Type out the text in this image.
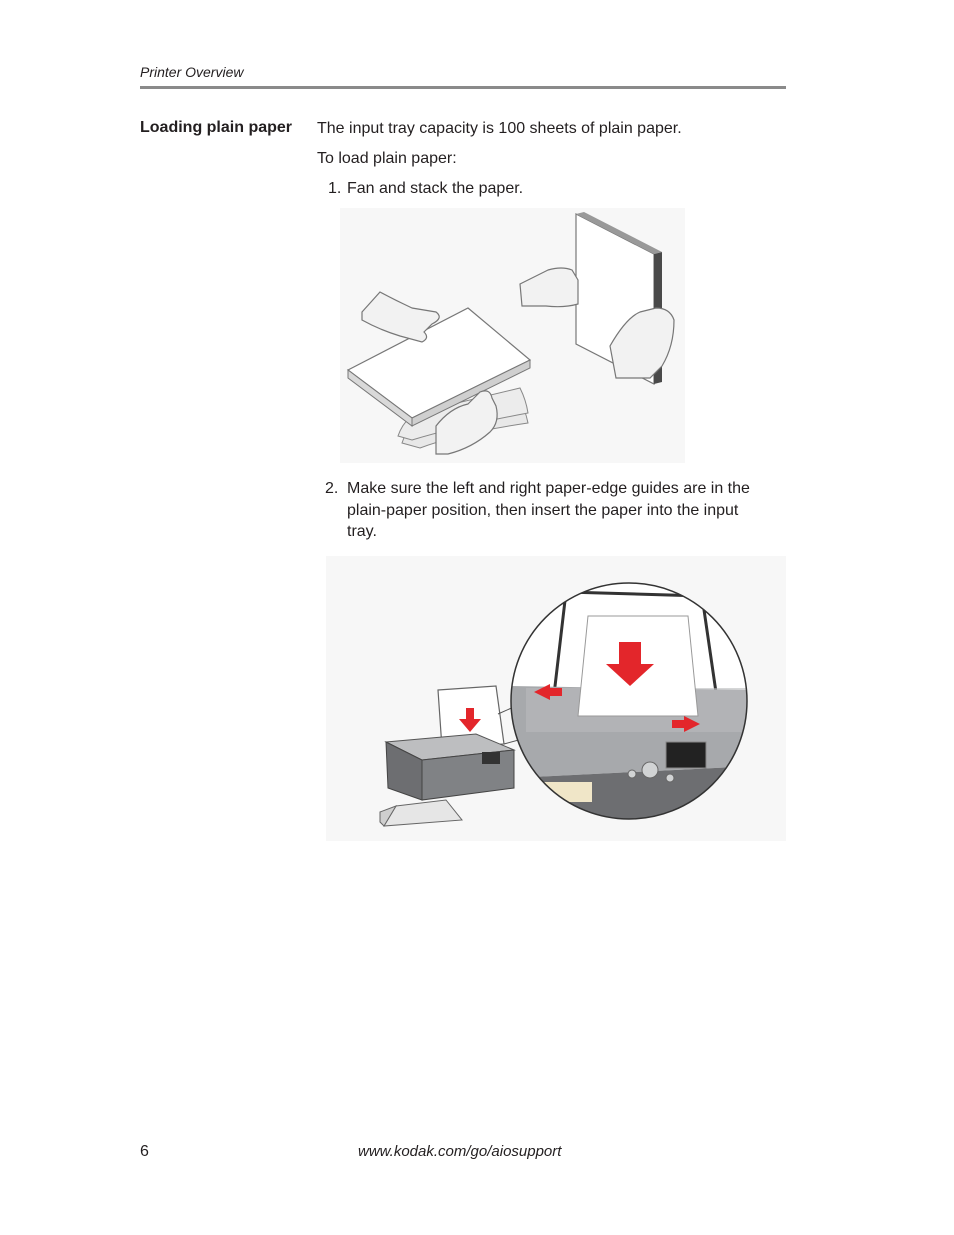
Printer Overview
Loading plain paper The input tray capacity is 100 sheets of plain paper.
To load plain paper:
1. Fan and stack the paper.
2. Make sure the left and right paper-edge guides are in the
plain-paper position, then insert the paper into the input
tray.
6	www.kodak.com/go/aiosupport
